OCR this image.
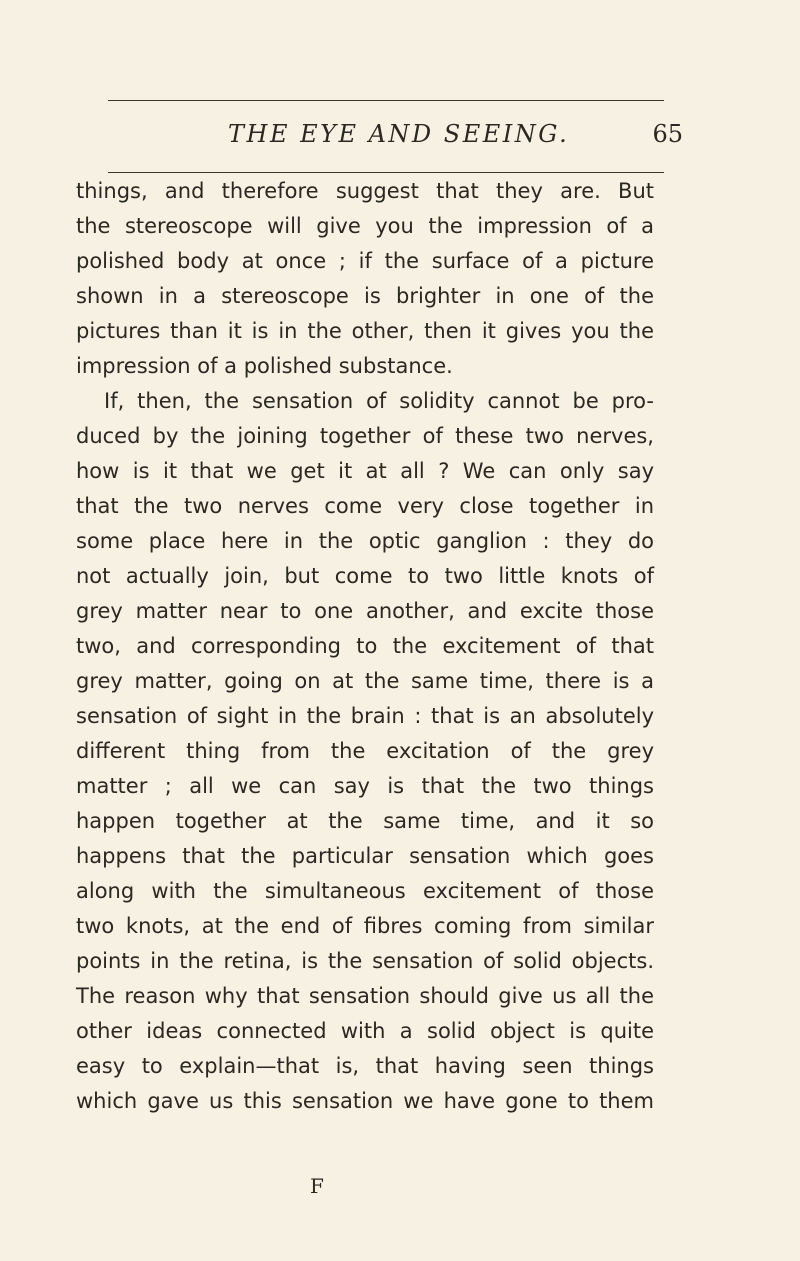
THE EYE AND SEEING.	65
things, and therefore suggest that they are. But
the stereoscope will give you the impression of a
polished body at once ; if the surface of a picture
shown in a stereoscope is brighter in one of the
pictures than it is in the other, then it gives you the
impression of a polished substance.
If, then, the sensation of solidity cannot be pro-
duced by the joining together of these two nerves,
how is it that we get it at all ? We can only say
that the two nerves come very close together in
some place here in the optic ganglion : they do
not actually join, but come to two little knots of
grey matter near to one another, and excite those
two, and corresponding to the excitement of that
grey matter, going on at the same time, there is a
sensation of sight in the brain : that is an absolutely
different thing from the excitation of the grey
matter ; all we can say is that the two things
happen together at the same time, and it so
happens that the particular sensation which goes
along with the simultaneous excitement of those
two knots, at the end of fibres coming from similar
points in the retina, is the sensation of solid objects.
The reason why that sensation should give us all the
other ideas connected with a solid object is quite
easy to explain—that is, that having seen things
which gave us this sensation we have gone to them
F
